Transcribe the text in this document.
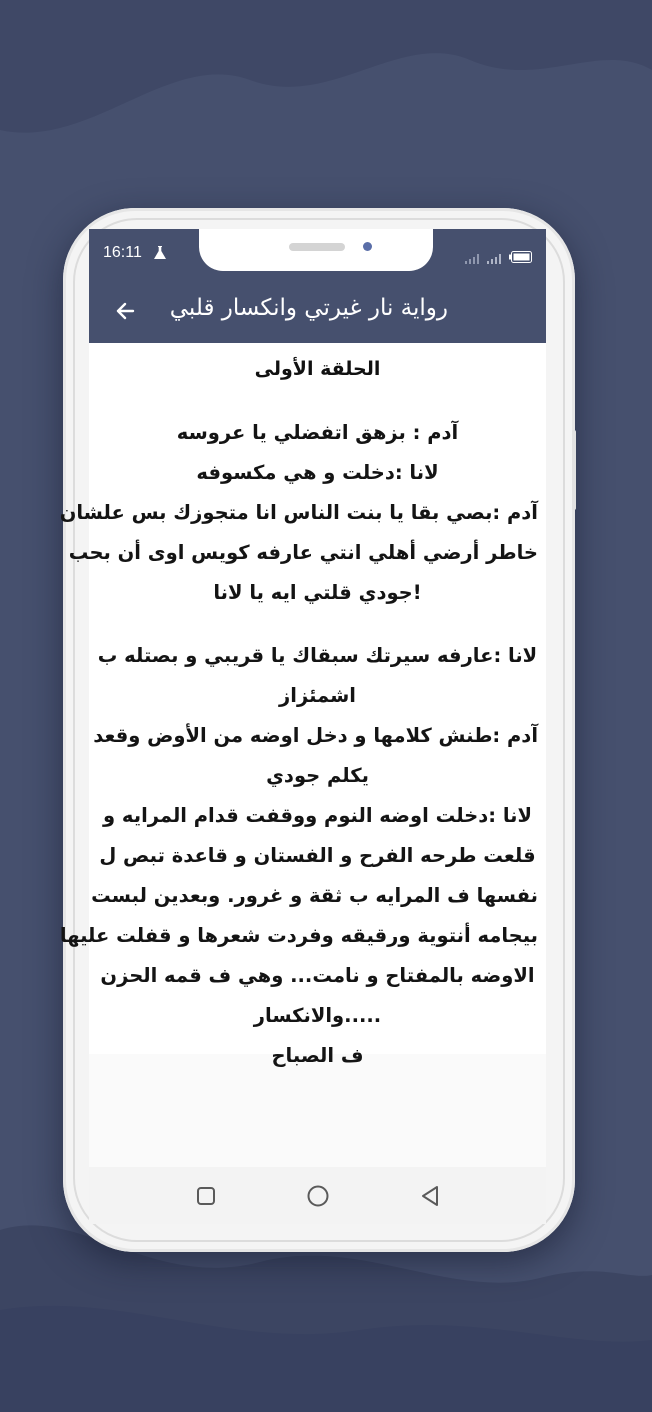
16:11
رواية نار غيرتي وانكسار قلبي
الحلقة الأولى
آدم : بزهق اتفضلي يا عروسه
لانا :دخلت و هي مكسوفه
آدم :بصي بقا يا بنت الناس انا متجوزك بس علشان
خاطر أرضي أهلي انتي عارفه كويس اوى أن بحب
جودي قلتي ايه يا لانا!
لانا :عارفه سيرتك سبقاك يا قريبي و بصتله ب
اشمئزاز
آدم :طنش كلامها و دخل اوضه من الأوض وقعد
يكلم جودي
لانا :دخلت اوضه النوم ووقفت قدام المرايه و
قلعت طرحه الفرح و الفستان و قاعدة تبص ل
نفسها ف المرايه ب ثقة و غرور. وبعدين لبست
بيجامه أنتوية ورقيقه وفردت شعرها و قفلت عليها
الاوضه بالمفتاح و نامت... وهي ف قمه الحزن
والانكسار.....
ف الصباح
